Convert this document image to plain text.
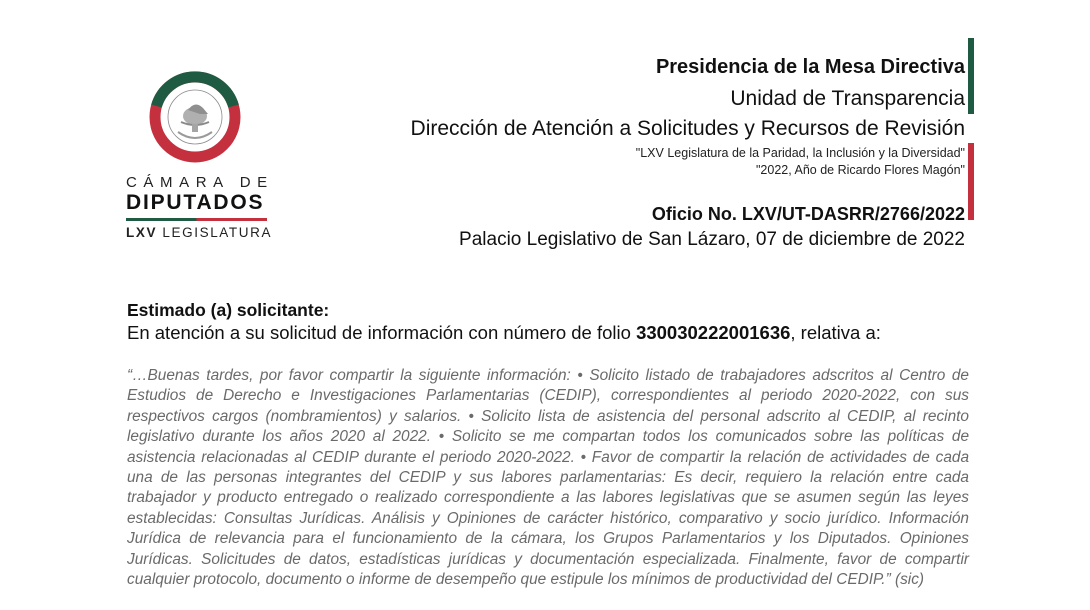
CÁMARA DE
DIPUTADOS
LXV LEGISLATURA
Presidencia de la Mesa Directiva
Unidad de Transparencia
Dirección de Atención a Solicitudes y Recursos de Revisión
"LXV Legislatura de la Paridad, la Inclusión y la Diversidad"
"2022, Año de Ricardo Flores Magón"
Oficio No. LXV/UT-DASRR/2766/2022
Palacio Legislativo de San Lázaro, 07 de diciembre de 2022
Estimado (a) solicitante:
En atención a su solicitud de información con número de folio 330030222001636, relativa a:

“…Buenas tardes, por favor compartir la siguiente información: • Solicito listado de trabajadores adscritos al Centro de Estudios de Derecho e Investigaciones Parlamentarias (CEDIP), correspondientes al periodo 2020-2022, con sus respectivos cargos (nombramientos) y salarios. • Solicito lista de asistencia del personal adscrito al CEDIP, al recinto legislativo durante los años 2020 al 2022. • Solicito se me compartan todos los comunicados sobre las políticas de asistencia relacionadas al CEDIP durante el periodo 2020-2022. • Favor de compartir la relación de actividades de cada una de las personas integrantes del CEDIP y sus labores parlamentarias: Es decir, requiero la relación entre cada trabajador y producto entregado o realizado correspondiente a las labores legislativas que se asumen según las leyes establecidas: Consultas Jurídicas. Análisis y Opiniones de carácter histórico, comparativo y socio jurídico. Información Jurídica de relevancia para el funcionamiento de la cámara, los Grupos Parlamentarios y los Diputados. Opiniones Jurídicas. Solicitudes de datos, estadísticas jurídicas y documentación especializada. Finalmente, favor de compartir cualquier protocolo, documento o informe de desempeño que estipule los mínimos de productividad del CEDIP.” (sic)
